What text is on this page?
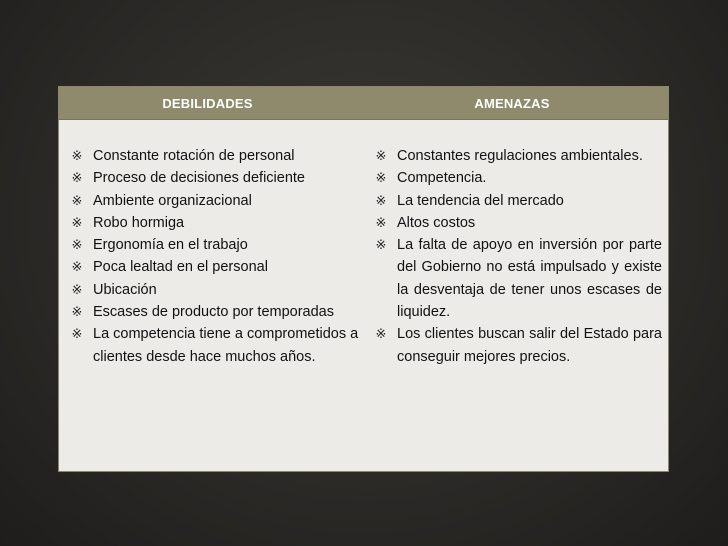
DEBILIDADES	AMENAZAS
※ Constante rotación de personal
※ Proceso de decisiones deficiente
※ Ambiente organizacional
※ Robo hormiga
※ Ergonomía en el trabajo
※ Poca lealtad en el personal
※ Ubicación
※ Escases de producto por temporadas
※ La competencia tiene a comprometidos a clientes desde hace muchos años.
※ Constantes regulaciones ambientales.
※ Competencia.
※ La tendencia del mercado
※ Altos costos
※ La falta de apoyo en inversión por parte del Gobierno no está impulsado y existe la desventaja de tener unos escases de liquidez.
※ Los clientes buscan salir del Estado para conseguir mejores precios.
